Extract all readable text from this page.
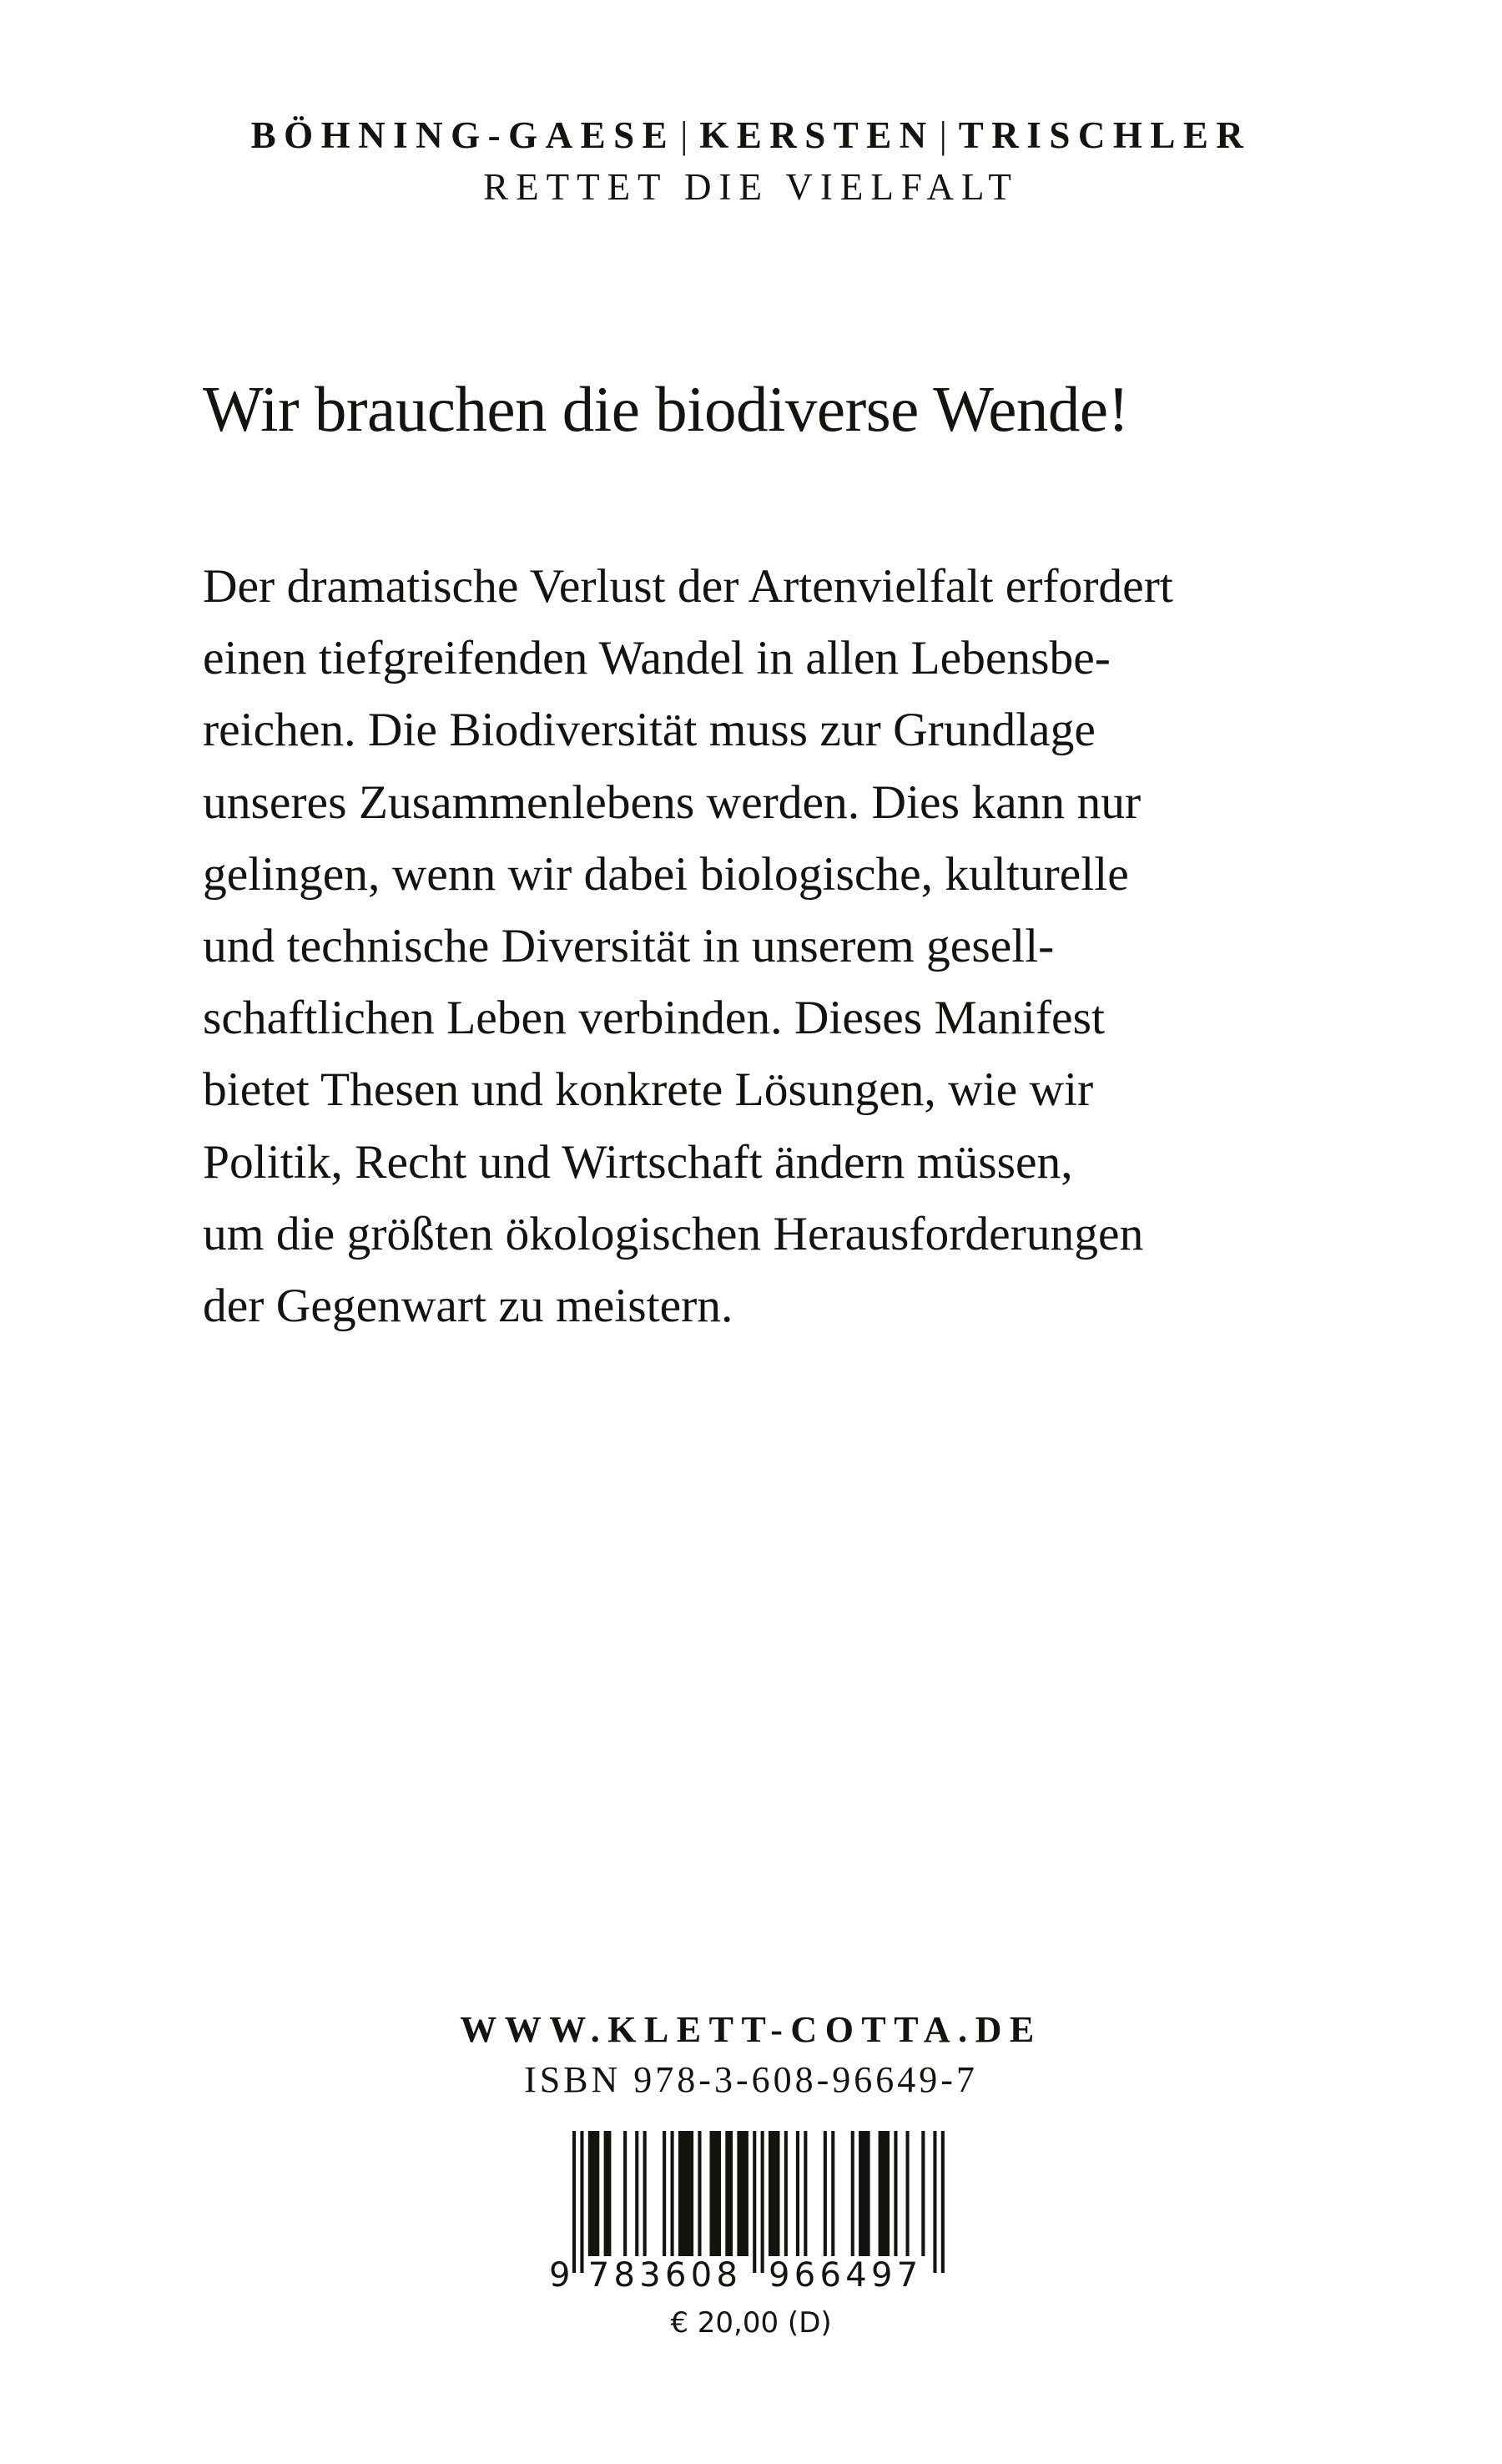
BÖHNING-GAESE | KERSTEN | TRISCHLER
RETTET DIE VIELFALT
Wir brauchen die biodiverse Wende!
Der dramatische Verlust der Artenvielfalt erfordert
einen tiefgreifenden Wandel in allen Lebensbe-
reichen. Die Biodiversität muss zur Grundlage
unseres Zusammenlebens werden. Dies kann nur
gelingen, wenn wir dabei biologische, kulturelle
und technische Diversität in unserem gesell-
schaftlichen Leben verbinden. Dieses Manifest
bietet Thesen und konkrete Lösungen, wie wir
Politik, Recht und Wirtschaft ändern müssen,
um die größten ökologischen Herausforderungen
der Gegenwart zu meistern.
WWW.KLETT-COTTA.DE
ISBN 978-3-608-96649-7
9 783608 966497
€ 20,00 (D)
